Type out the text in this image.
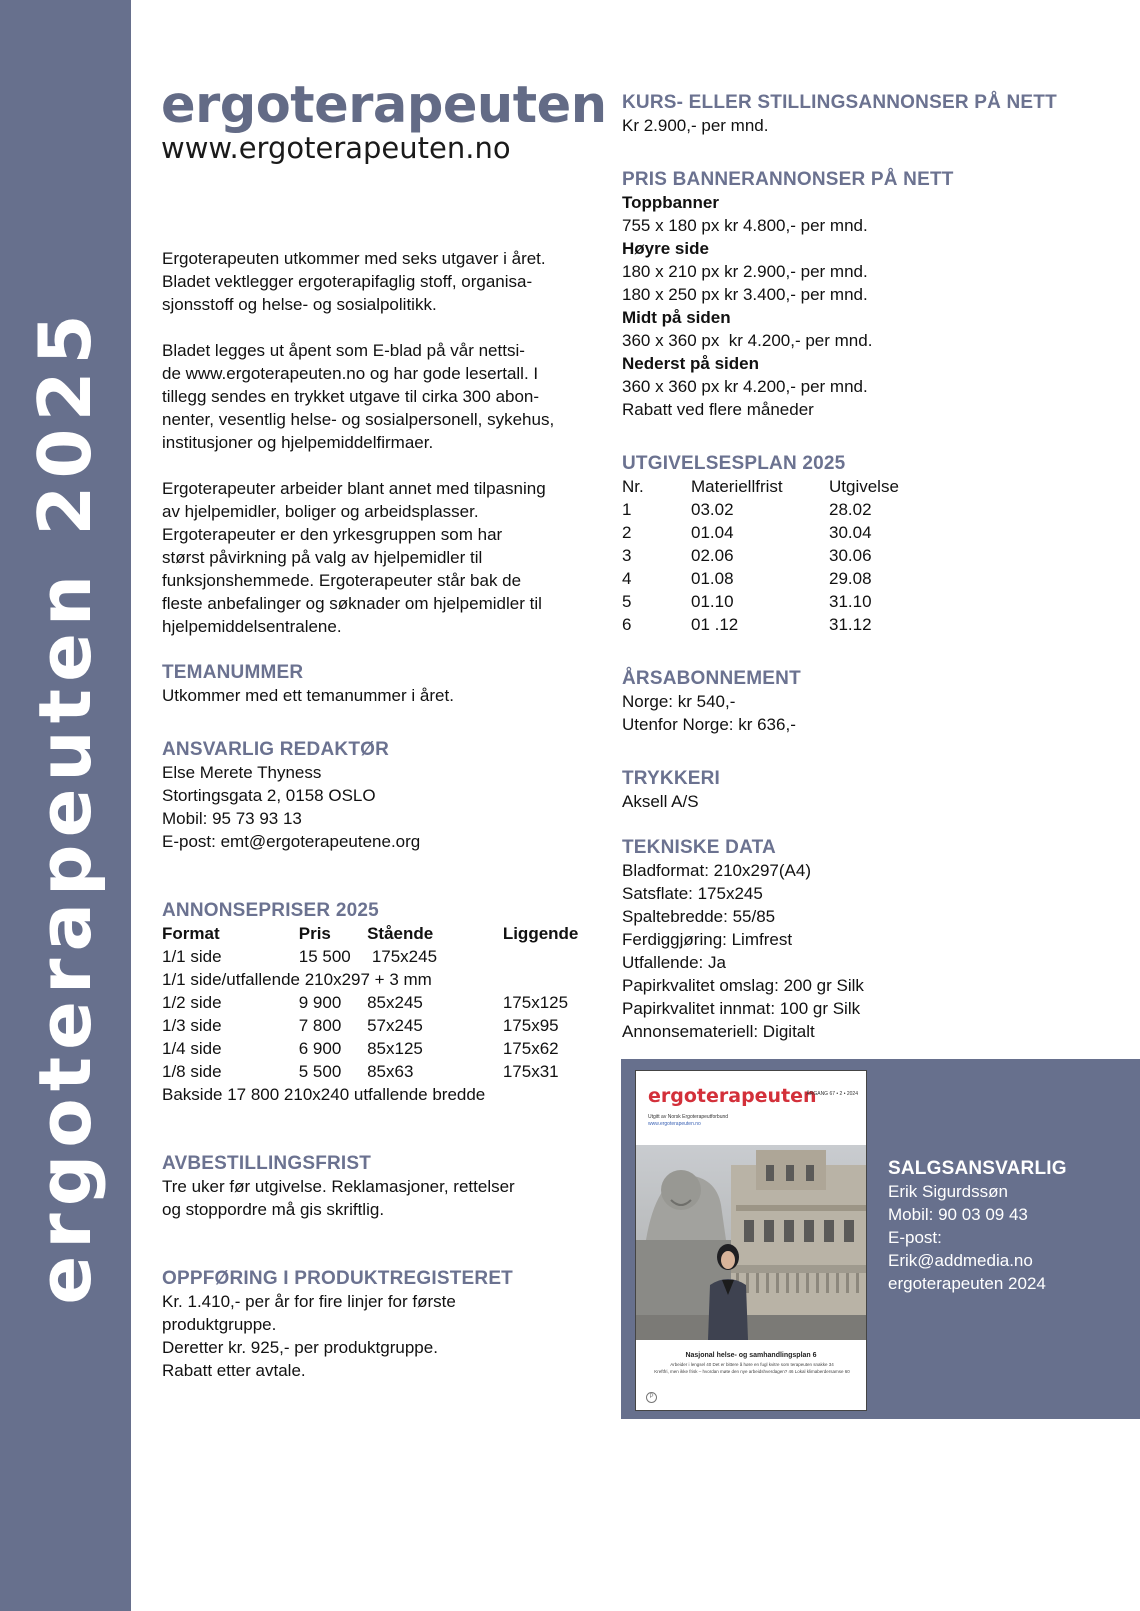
ergoterapeuten 2025
ergoterapeuten
www.ergoterapeuten.no
Ergoterapeuten utkommer med seks utgaver i året.
Bladet vektlegger ergoterapifaglig stoff, organisa-
sjonsstoff og helse- og sosialpolitikk.
Bladet legges ut åpent som E-blad på vår nettsi-
de www.ergoterapeuten.no og har gode lesertall. I
tillegg sendes en trykket utgave til cirka 300 abon-
nenter, vesentlig helse- og sosialpersonell, sykehus,
institusjoner og hjelpemiddelfirmaer.
Ergoterapeuter arbeider blant annet med tilpasning
av hjelpemidler, boliger og arbeidsplasser.
Ergoterapeuter er den yrkesgruppen som har
størst påvirkning på valg av hjelpemidler til
funksjonshemmede. Ergoterapeuter står bak de
fleste anbefalinger og søknader om hjelpemidler til
hjelpemiddelsentralene.
TEMANUMMER
Utkommer med ett temanummer i året.
ANSVARLIG REDAKTØR
Else Merete Thyness
Stortingsgata 2, 0158 OSLO
Mobil: 95 73 93 13
E-post: emt@ergoterapeutene.org
ANNONSEPRISER 2025
Format	Pris	Stående	Liggende
1/1 side	15 500 175x245
1/1 side/utfallende 210x297 + 3 mm
1/2 side	9 900	85x245	175x125
1/3 side	7 800	57x245	175x95
1/4 side	6 900	85x125	175x62
1/8 side	5 500	85x63	175x31
Bakside 17 800 210x240 utfallende bredde
AVBESTILLINGSFRIST
Tre uker før utgivelse. Reklamasjoner, rettelser
og stoppordre må gis skriftlig.
OPPFØRING I PRODUKTREGISTERET
Kr. 1.410,- per år for fire linjer for første
produktgruppe.
Deretter kr. 925,- per produktgruppe.
Rabatt etter avtale.
KURS- ELLER STILLINGSANNONSER PÅ NETT
Kr 2.900,- per mnd.
PRIS BANNERANNONSER PÅ NETT
Toppbanner
755 x 180 px kr 4.800,- per mnd.
Høyre side
180 x 210 px kr 2.900,- per mnd.
180 x 250 px kr 3.400,- per mnd.
Midt på siden
360 x 360 px  kr 4.200,- per mnd.
Nederst på siden
360 x 360 px kr 4.200,- per mnd.
Rabatt ved flere måneder
UTGIVELSESPLAN 2025
Nr.	Materiellfrist	Utgivelse
1	03.02	28.02
2	01.04	30.04
3	02.06	30.06
4	01.08	29.08
5	01.10	31.10
6	01 .12	31.12
ÅRSABONNEMENT
Norge: kr 540,-
Utenfor Norge: kr 636,-
TRYKKERI
Aksell A/S
TEKNISKE DATA
Bladformat: 210x297(A4)
Satsflate: 175x245
Spaltebredde: 55/85
Ferdiggjøring: Limfrest
Utfallende: Ja
Papirkvalitet omslag: 200 gr Silk
Papirkvalitet innmat: 100 gr Silk
Annonsemateriell: Digitalt
ergoterapeuten
ÅRGANG 67 • 2 • 2024
Utgitt av Norsk Ergoterapeutforbund
www.ergoterapeuten.no
Nasjonal helse- og samhandlingsplan 6
Arbeider i lengsel 40 Det er bittere å høre en fugl kvitre som terapeuten snakke 34
Kreftfri, men ikke frisk – hvordan møte den nye arbeidshverdagen? 46 Lokal klimaberdersamse 60
P
SALGSANSVARLIG
Erik Sigurdssøn
Mobil: 90 03 09 43
E-post:
Erik@addmedia.no
ergoterapeuten 2024
